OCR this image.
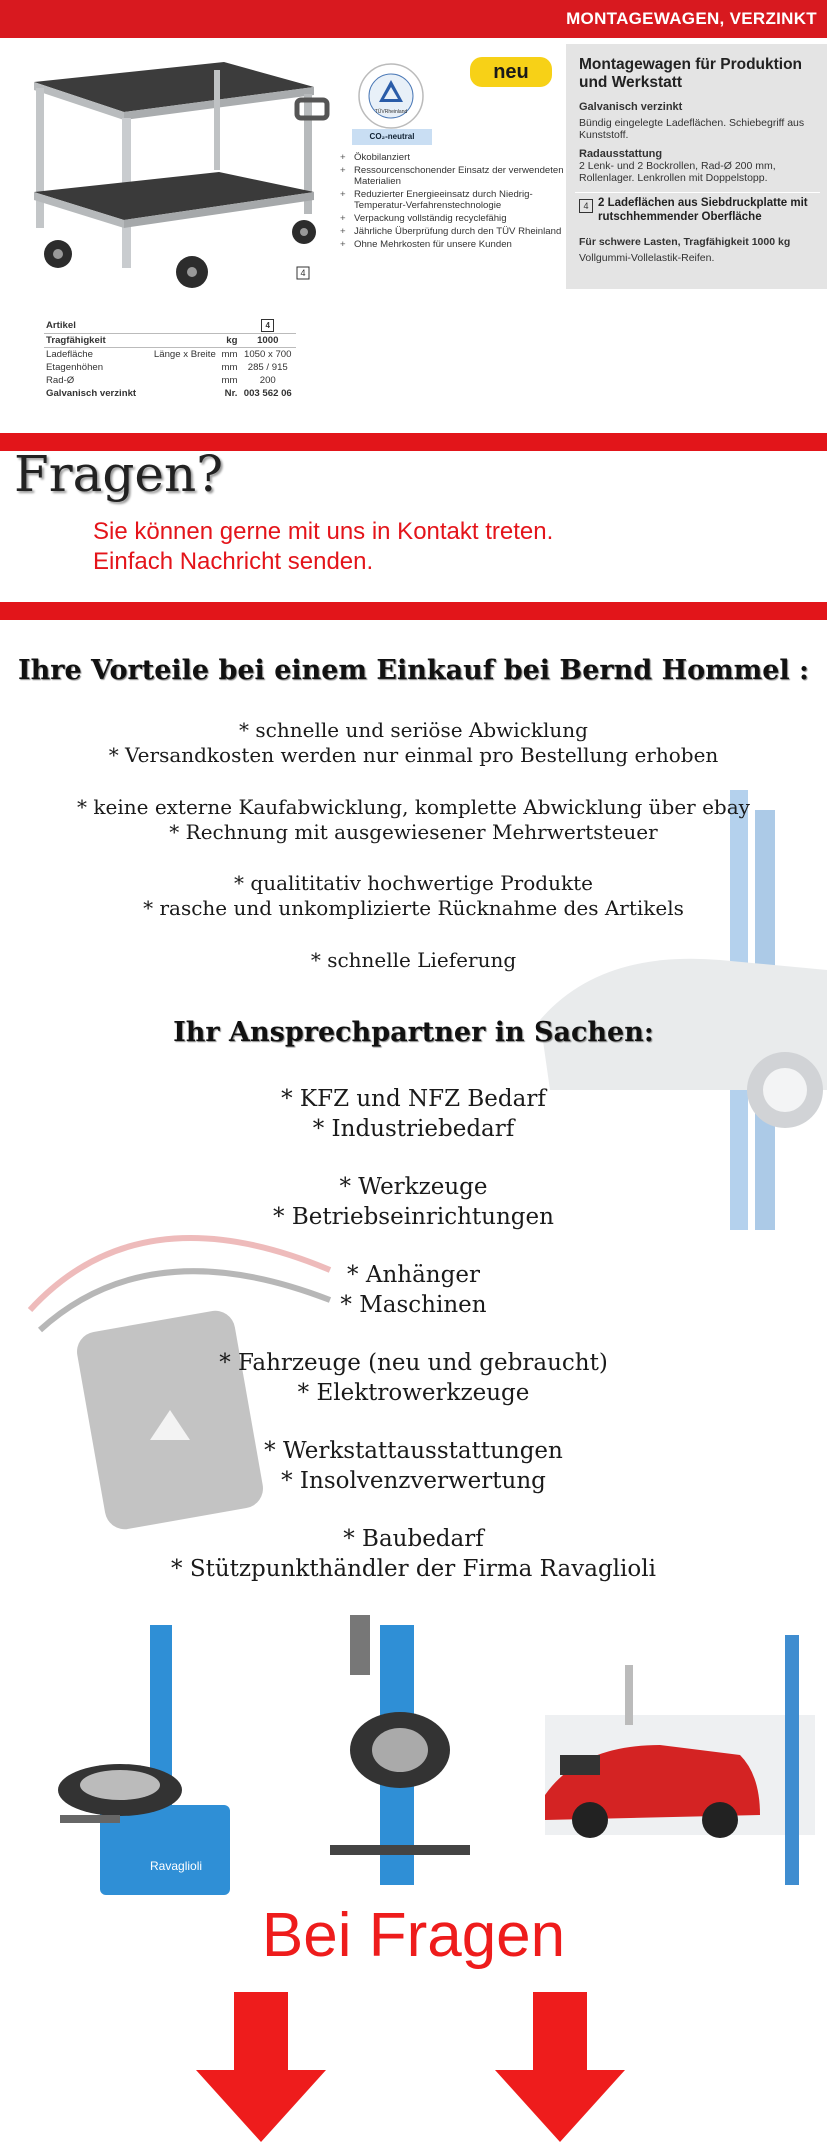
MONTAGEWAGEN, VERZINKT
4
TÜVRheinland
CO₂-neutral
neu
+ Ökobilanziert
+ Ressourcenschonender Einsatz der verwendeten Materialien
+ Reduzierter Energieeinsatz durch Niedrig-Temperatur-Verfahrenstechnologie
+ Verpackung vollständig recyclefähig
+ Jährliche Überprüfung durch den TÜV Rheinland
+ Ohne Mehrkosten für unsere Kunden
Montagewagen für Produktion und Werkstatt
Galvanisch verzinkt
Bündig eingelegte Ladeflächen. Schiebegriff aus Kunststoff.
Radausstattung
2 Lenk- und 2 Bockrollen, Rad-Ø 200 mm, Rollenlager. Lenkrollen mit Doppelstopp.
4 2 Ladeflächen aus Siebdruckplatte mit rutschhemmender Oberfläche
Für schwere Lasten, Tragfähigkeit 1000 kg
Vollgummi-Vollelastik-Reifen.
Artikel			4
Tragfähigkeit		kg	1000
Ladefläche	Länge x Breite	mm	1050 x 700
Etagenhöhen		mm	285 / 915
Rad-Ø		mm	200
Galvanisch verzinkt		Nr.	003 562 06
Fragen?
Sie können gerne mit uns in Kontakt treten.
Einfach Nachricht senden.
Ihre Vorteile bei einem Einkauf bei Bernd Hommel :
* schnelle und seriöse Abwicklung
* Versandkosten werden nur einmal pro Bestellung erhoben
* keine externe Kaufabwicklung, komplette Abwicklung über ebay
* Rechnung mit ausgewiesener Mehrwertsteuer
* qualititativ hochwertige Produkte
* rasche und unkomplizierte Rücknahme des Artikels
* schnelle Lieferung
Ihr Ansprechpartner in Sachen:
* KFZ und NFZ Bedarf
* Industriebedarf
* Werkzeuge
* Betriebseinrichtungen
* Anhänger
* Maschinen
* Fahrzeuge (neu und gebraucht)
* Elektrowerkzeuge
* Werkstattausstattungen
* Insolvenzverwertung
* Baubedarf
* Stützpunkthändler der Firma Ravaglioli
Ravaglioli
Bei Fragen
